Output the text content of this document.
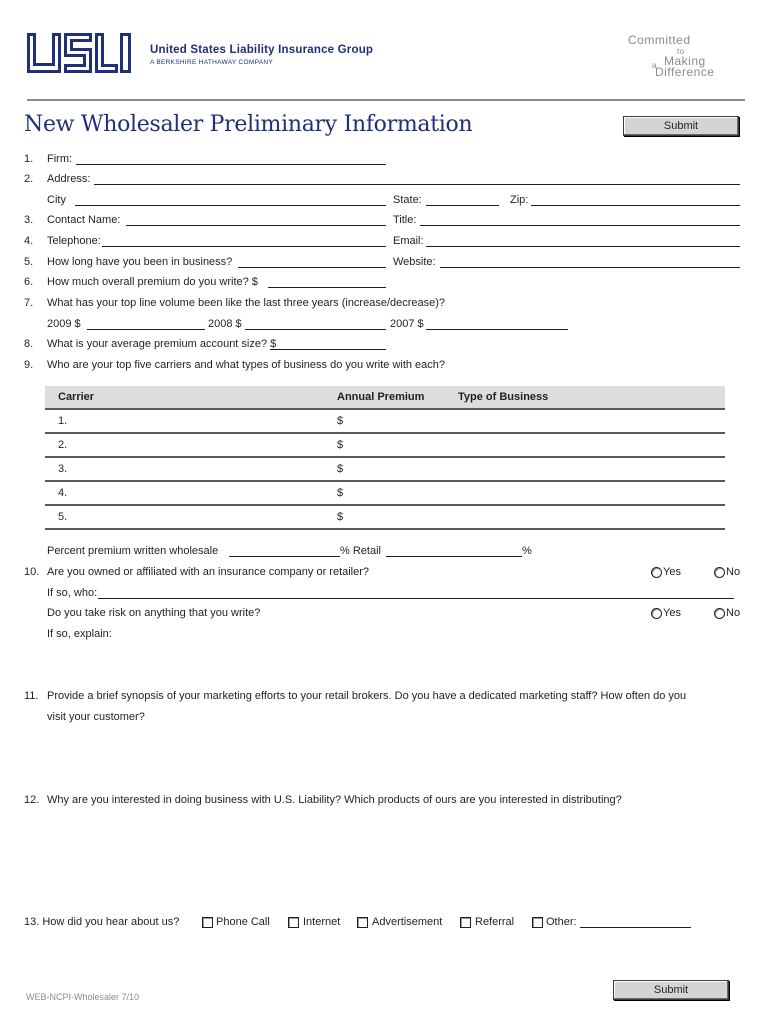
United States Liability Insurance Group
A BERKSHIRE HATHAWAY COMPANY
Committed
to
a Making
Difference
New Wholesaler Preliminary Information	Submit
1. Firm:
2. Address:
City	State:	Zip:
3. Contact Name:	Title:
4. Telephone:	Email:
5. How long have you been in business?	Website:
6. How much overall premium do you write? $
7. What has your top line volume been like the last three years (increase/decrease)?
2009 $	2008 $	2007 $
8. What is your average premium account size? $
9. Who are your top five carriers and what types of business do you write with each?
Carrier	Annual Premium	Type of Business
1.	$
2.	$
3.	$
4.	$
5.	$
Percent premium written wholesale	% Retail	%
10. Are you owned or affiliated with an insurance company or retailer?	Yes	No
If so, who:
Do you take risk on anything that you write?	Yes	No
If so, explain:
11. Provide a brief synopsis of your marketing efforts to your retail brokers. Do you have a dedicated marketing staff? How often do you
visit your customer?
12. Why are you interested in doing business with U.S. Liability? Which products of ours are you interested in distributing?
13. How did you hear about us?	Phone Call	Internet	Advertisement	Referral	Other:
WEB-NCPI-Wholesaler 7/10
Submit
